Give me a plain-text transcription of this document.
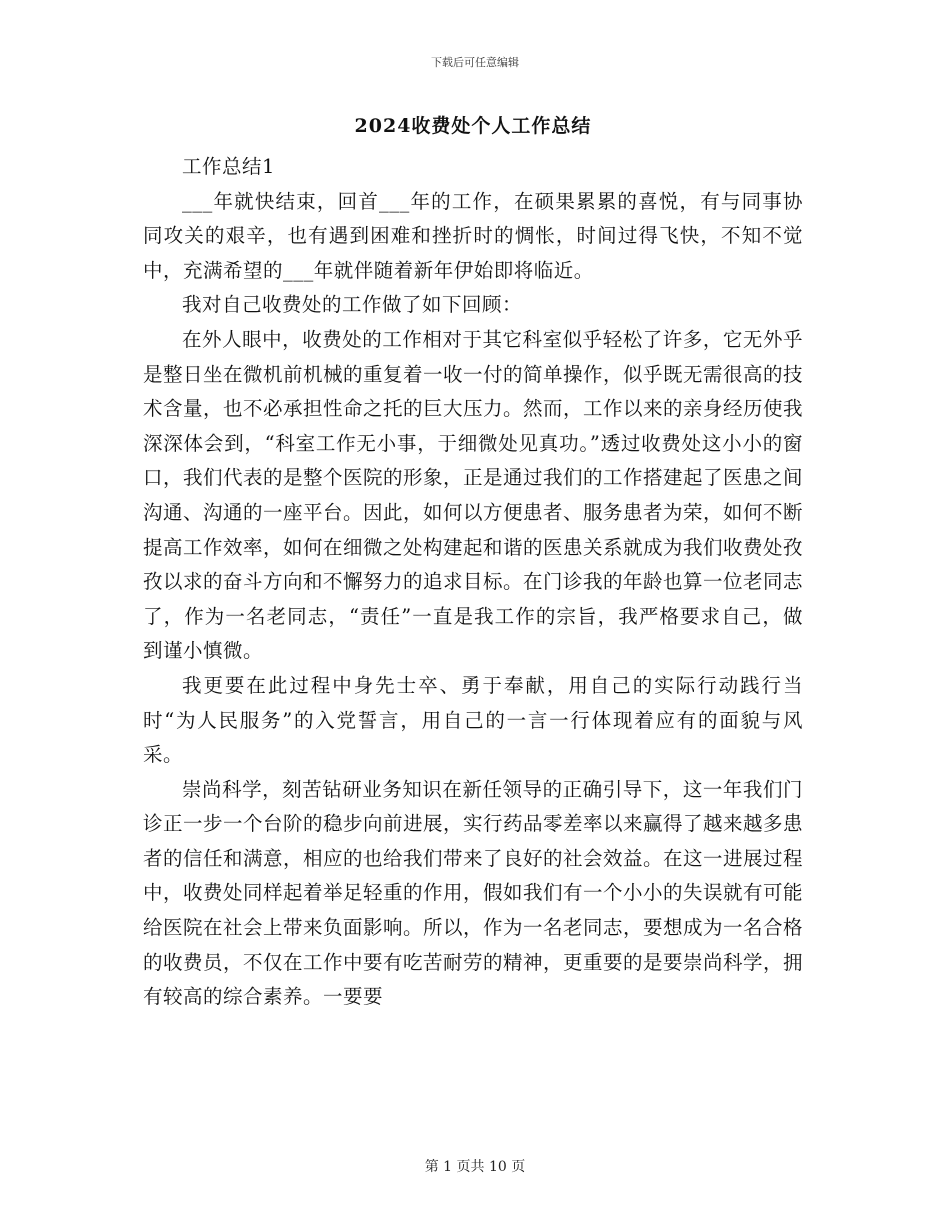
下载后可任意编辑
2024收费处个人工作总结

工作总结1

___年就快结束，回首___年的工作，在硕果累累的喜悦，有与同事协同攻关的艰辛，也有遇到困难和挫折时的惆怅，时间过得飞快，不知不觉中，充满希望的___年就伴随着新年伊始即将临近。

我对自己收费处的工作做了如下回顾：

在外人眼中，收费处的工作相对于其它科室似乎轻松了许多，它无外乎是整日坐在微机前机械的重复着一收一付的简单操作，似乎既无需很高的技术含量，也不必承担性命之托的巨大压力。然而，工作以来的亲身经历使我深深体会到，“科室工作无小事，于细微处见真功。”透过收费处这小小的窗口，我们代表的是整个医院的形象，正是通过我们的工作搭建起了医患之间沟通、沟通的一座平台。因此，如何以方便患者、服务患者为荣，如何不断提高工作效率，如何在细微之处构建起和谐的医患关系就成为我们收费处孜孜以求的奋斗方向和不懈努力的追求目标。在门诊我的年龄也算一位老同志了，作为一名老同志，“责任”一直是我工作的宗旨，我严格要求自己，做到谨小慎微。

我更要在此过程中身先士卒、勇于奉献，用自己的实际行动践行当时“为人民服务”的入党誓言，用自己的一言一行体现着应有的面貌与风采。

崇尚科学，刻苦钻研业务知识在新任领导的正确引导下，这一年我们门诊正一步一个台阶的稳步向前进展，实行药品零差率以来赢得了越来越多患者的信任和满意，相应的也给我们带来了良好的社会效益。在这一进展过程中，收费处同样起着举足轻重的作用，假如我们有一个小小的失误就有可能给医院在社会上带来负面影响。所以，作为一名老同志，要想成为一名合格的收费员，不仅在工作中要有吃苦耐劳的精神，更重要的是要崇尚科学，拥有较高的综合素养。一要要

第 1 页共 10 页
